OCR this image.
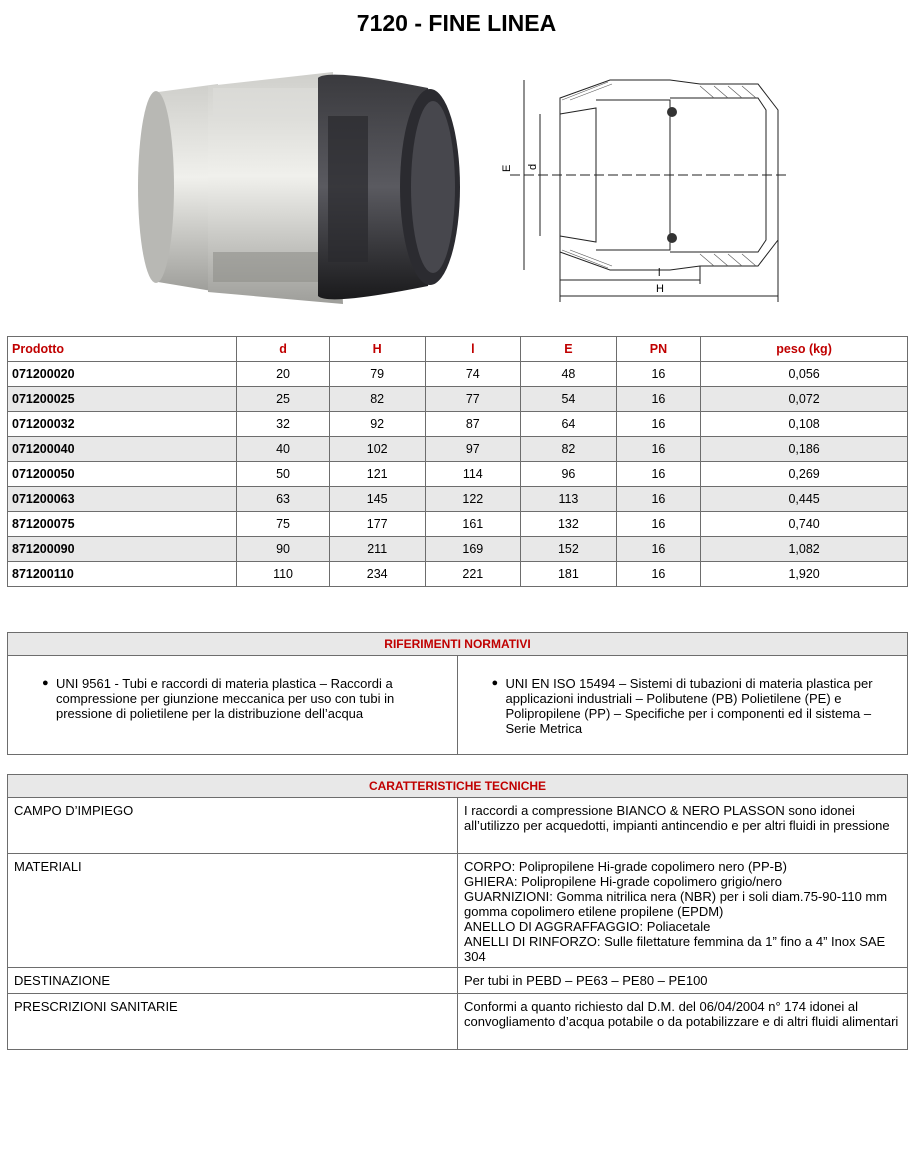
7120 - FINE LINEA
E d
l
H
Prodotto	d	H	l	E	PN	peso (kg)
071200020	20	79	74	48	16	0,056
071200025	25	82	77	54	16	0,072
071200032	32	92	87	64	16	0,108
071200040	40	102	97	82	16	0,186
071200050	50	121	114	96	16	0,269
071200063	63	145	122	113	16	0,445
871200075	75	177	161	132	16	0,740
871200090	90	211	169	152	16	1,082
871200110	110	234	221	181	16	1,920
RIFERIMENTI NORMATIVI
● UNI 9561 - Tubi e raccordi di materia plastica – Raccordi a compressione per giunzione meccanica per uso con tubi in pressione di polietilene per la distribuzione dell’acqua
● UNI EN ISO 15494 – Sistemi di tubazioni di materia plastica per applicazioni industriali – Polibutene (PB) Polietilene (PE) e Polipropilene (PP) – Specifiche per i componenti ed il sistema – Serie Metrica
CARATTERISTICHE TECNICHE
CAMPO D’IMPIEGO	I raccordi a compressione BIANCO & NERO PLASSON sono idonei all’utilizzo per acquedotti, impianti antincendio e per altri fluidi in pressione
MATERIALI	CORPO: Polipropilene Hi-grade copolimero nero (PP-B)
GHIERA: Polipropilene Hi-grade copolimero grigio/nero
GUARNIZIONI: Gomma nitrilica nera (NBR) per i soli diam.75-90-110 mm gomma copolimero etilene propilene (EPDM)
ANELLO DI AGGRAFFAGGIO: Poliacetale
ANELLI DI RINFORZO: Sulle filettature femmina da 1” fino a 4” Inox SAE 304
DESTINAZIONE	Per tubi in PEBD – PE63 – PE80 – PE100
PRESCRIZIONI SANITARIE	Conformi a quanto richiesto dal D.M. del 06/04/2004 n° 174 idonei al convogliamento d’acqua potabile o da potabilizzare e di altri fluidi alimentari
